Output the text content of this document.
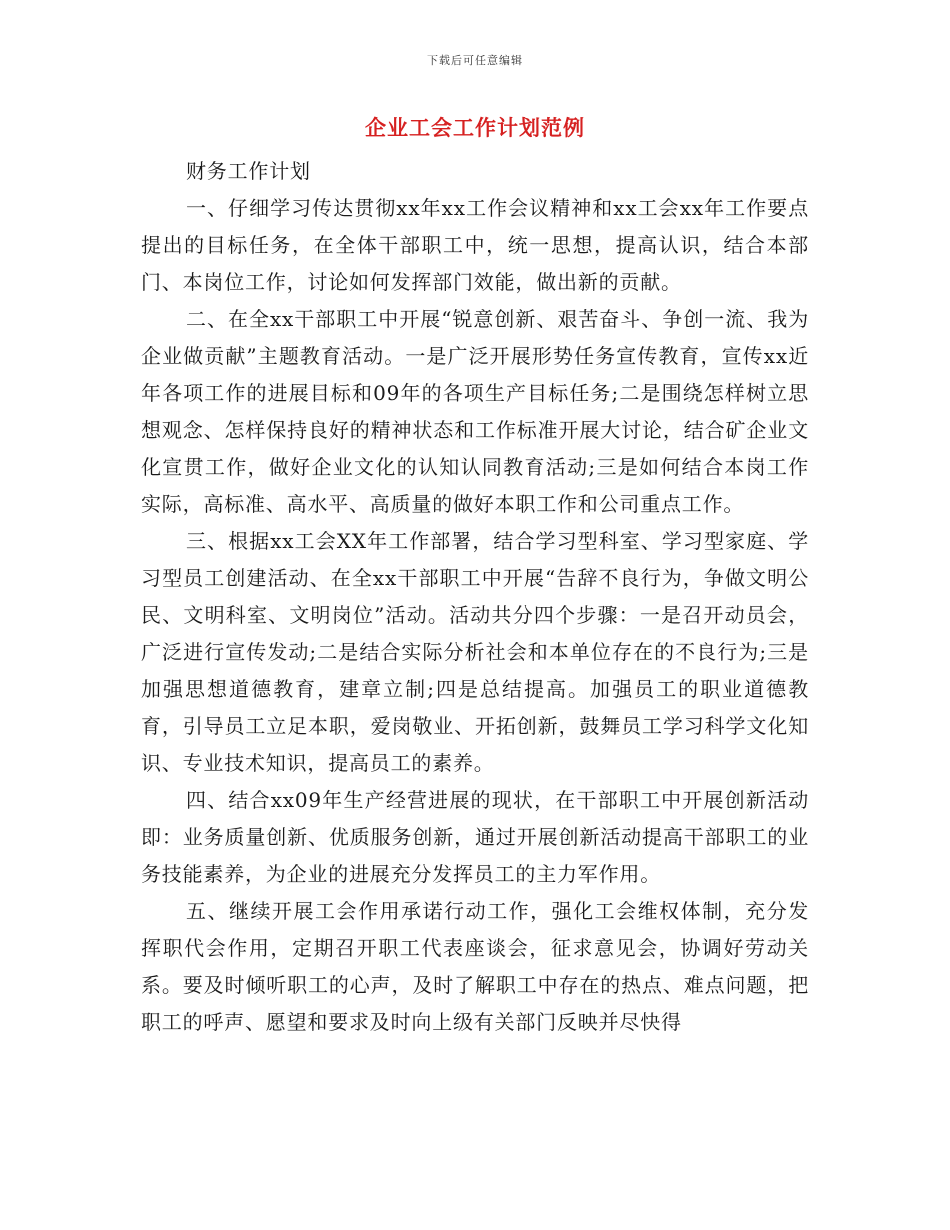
下载后可任意编辑
企业工会工作计划范例

财务工作计划

一、仔细学习传达贯彻xx年xx工作会议精神和xx工会xx年工作要点提出的目标任务，在全体干部职工中，统一思想，提高认识，结合本部门、本岗位工作，讨论如何发挥部门效能，做出新的贡献。

二、在全xx干部职工中开展“锐意创新、艰苦奋斗、争创一流、我为企业做贡献”主题教育活动。一是广泛开展形势任务宣传教育，宣传xx近年各项工作的进展目标和09年的各项生产目标任务;二是围绕怎样树立思想观念、怎样保持良好的精神状态和工作标准开展大讨论，结合矿企业文化宣贯工作，做好企业文化的认知认同教育活动;三是如何结合本岗工作实际，高标准、高水平、高质量的做好本职工作和公司重点工作。

三、根据xx工会XX年工作部署，结合学习型科室、学习型家庭、学习型员工创建活动、在全xx干部职工中开展“告辞不良行为，争做文明公民、文明科室、文明岗位”活动。活动共分四个步骤：一是召开动员会，广泛进行宣传发动;二是结合实际分析社会和本单位存在的不良行为;三是加强思想道德教育，建章立制;四是总结提高。加强员工的职业道德教育，引导员工立足本职，爱岗敬业、开拓创新，鼓舞员工学习科学文化知识、专业技术知识，提高员工的素养。

四、结合xx09年生产经营进展的现状，在干部职工中开展创新活动即：业务质量创新、优质服务创新，通过开展创新活动提高干部职工的业务技能素养，为企业的进展充分发挥员工的主力军作用。

五、继续开展工会作用承诺行动工作，强化工会维权体制，充分发挥职代会作用，定期召开职工代表座谈会，征求意见会，协调好劳动关系。要及时倾听职工的心声，及时了解职工中存在的热点、难点问题，把职工的呼声、愿望和要求及时向上级有关部门反映并尽快得
